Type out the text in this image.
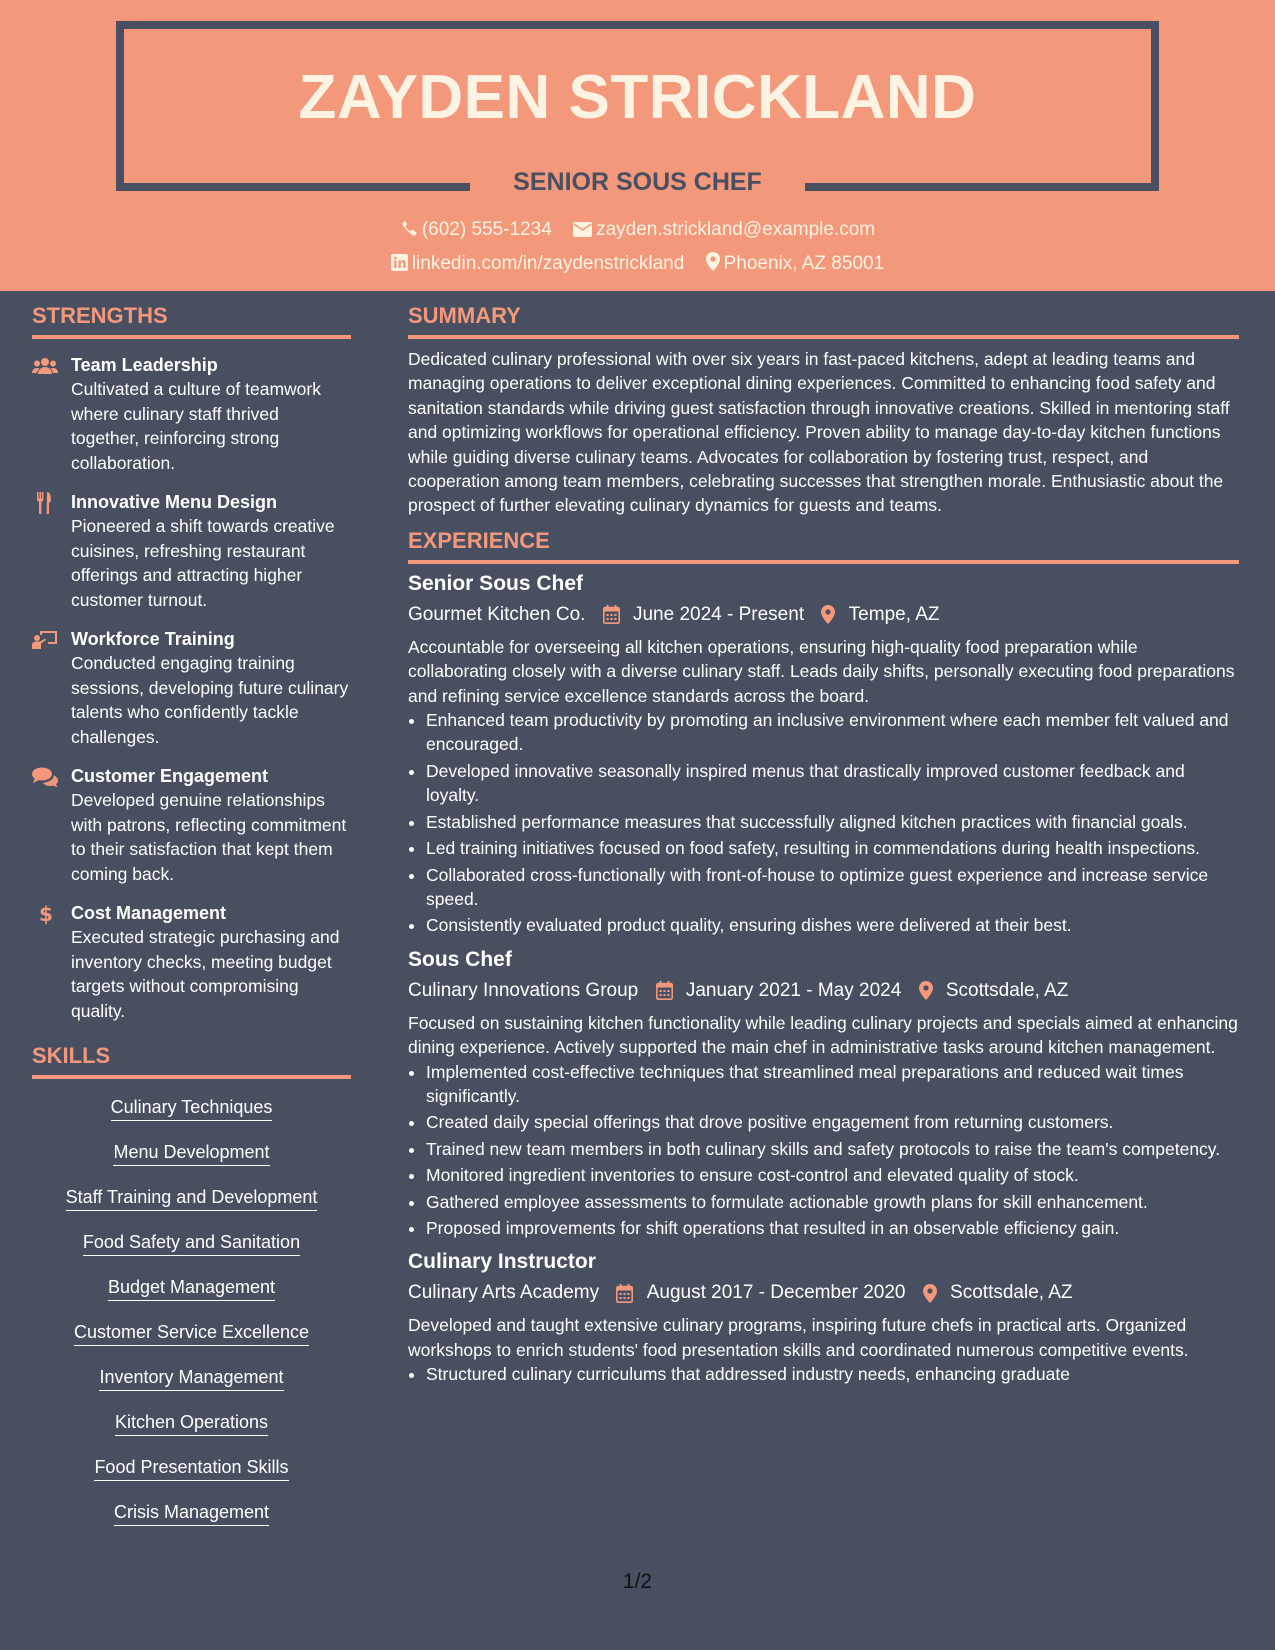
ZAYDEN STRICKLAND
SENIOR SOUS CHEF
(602) 555-1234 zayden.strickland@example.com
linkedin.com/in/zaydenstrickland Phoenix, AZ 85001
STRENGTHS
Team Leadership
Cultivated a culture of teamwork where culinary staff thrived together, reinforcing strong collaboration.
Innovative Menu Design
Pioneered a shift towards creative cuisines, refreshing restaurant offerings and attracting higher customer turnout.
Workforce Training
Conducted engaging training sessions, developing future culinary talents who confidently tackle challenges.
Customer Engagement
Developed genuine relationships with patrons, reflecting commitment to their satisfaction that kept them coming back.
$ Cost Management
Executed strategic purchasing and inventory checks, meeting budget targets without compromising quality.
SKILLS
Culinary Techniques
Menu Development
Staff Training and Development
Food Safety and Sanitation
Budget Management
Customer Service Excellence
Inventory Management
Kitchen Operations
Food Presentation Skills
Crisis Management
SUMMARY
Dedicated culinary professional with over six years in fast-paced kitchens, adept at leading teams and managing operations to deliver exceptional dining experiences. Committed to enhancing food safety and sanitation standards while driving guest satisfaction through innovative creations. Skilled in mentoring staff and optimizing workflows for operational efficiency. Proven ability to manage day-to-day kitchen functions while guiding diverse culinary teams. Advocates for collaboration by fostering trust, respect, and cooperation among team members, celebrating successes that strengthen morale. Enthusiastic about the prospect of further elevating culinary dynamics for guests and teams.
EXPERIENCE
Senior Sous Chef
Gourmet Kitchen Co.	June 2024 - Present Tempe, AZ
Accountable for overseeing all kitchen operations, ensuring high-quality food preparation while collaborating closely with a diverse culinary staff. Leads daily shifts, personally executing food preparations and refining service excellence standards across the board.
• Enhanced team productivity by promoting an inclusive environment where each member felt valued and encouraged.
• Developed innovative seasonally inspired menus that drastically improved customer feedback and loyalty.
• Established performance measures that successfully aligned kitchen practices with financial goals.
• Led training initiatives focused on food safety, resulting in commendations during health inspections.
• Collaborated cross-functionally with front-of-house to optimize guest experience and increase service speed.
• Consistently evaluated product quality, ensuring dishes were delivered at their best.
Sous Chef
Culinary Innovations Group	January 2021 - May 2024 Scottsdale, AZ
Focused on sustaining kitchen functionality while leading culinary projects and specials aimed at enhancing dining experience. Actively supported the main chef in administrative tasks around kitchen management.
• Implemented cost-effective techniques that streamlined meal preparations and reduced wait times significantly.
• Created daily special offerings that drove positive engagement from returning customers.
• Trained new team members in both culinary skills and safety protocols to raise the team's competency.
• Monitored ingredient inventories to ensure cost-control and elevated quality of stock.
• Gathered employee assessments to formulate actionable growth plans for skill enhancement.
• Proposed improvements for shift operations that resulted in an observable efficiency gain.
Culinary Instructor
Culinary Arts Academy	August 2017 - December 2020 Scottsdale, AZ
Developed and taught extensive culinary programs, inspiring future chefs in practical arts. Organized workshops to enrich students' food presentation skills and coordinated numerous competitive events.
• Structured culinary curriculums that addressed industry needs, enhancing graduate
1/2
